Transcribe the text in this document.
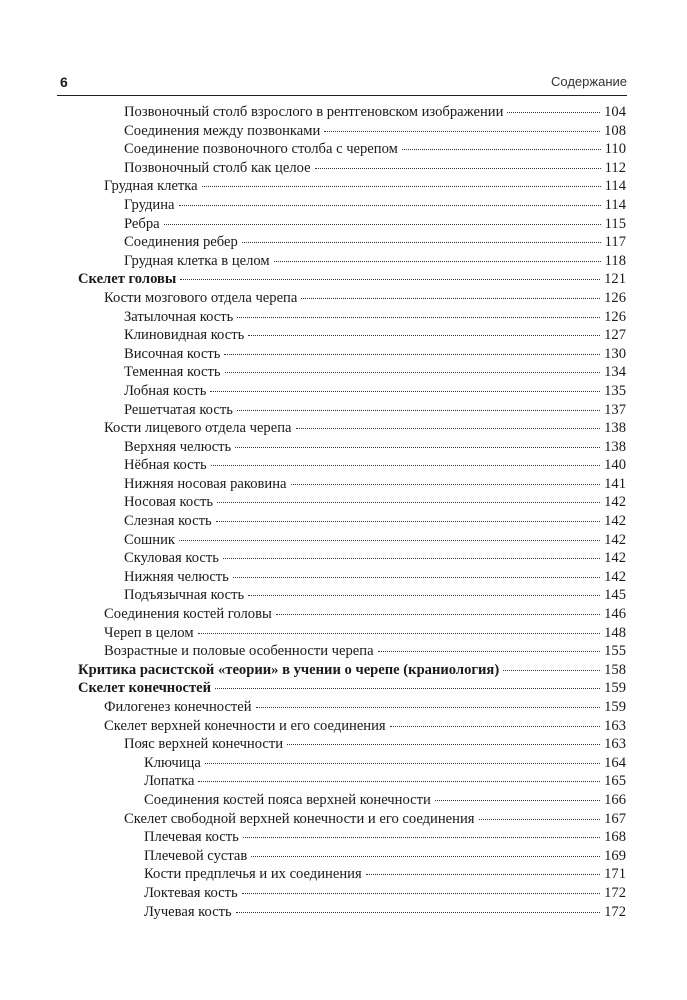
6	Содержание
Позвоночный столб взрослого в рентгеновском изображении	104
Соединения между позвонками	108
Соединение позвоночного столба с черепом	110
Позвоночный столб как целое	112
Грудная клетка	114
Грудина	114
Ребра	115
Соединения ребер	117
Грудная клетка в целом	118
Скелет головы	121
Кости мозгового отдела черепа	126
Затылочная кость	126
Клиновидная кость	127
Височная кость	130
Теменная кость	134
Лобная кость	135
Решетчатая кость	137
Кости лицевого отдела черепа	138
Верхняя челюсть	138
Нёбная кость	140
Нижняя носовая раковина	141
Носовая кость	142
Слезная кость	142
Сошник	142
Скуловая кость	142
Нижняя челюсть	142
Подъязычная кость	145
Соединения костей головы	146
Череп в целом	148
Возрастные и половые особенности черепа	155
Критика расистской «теории» в учении о черепе (краниология)	158
Скелет конечностей	159
Филогенез конечностей	159
Скелет верхней конечности и его соединения	163
Пояс верхней конечности	163
Ключица	164
Лопатка	165
Соединения костей пояса верхней конечности	166
Скелет свободной верхней конечности и его соединения	167
Плечевая кость	168
Плечевой сустав	169
Кости предплечья и их соединения	171
Локтевая кость	172
Лучевая кость	172
